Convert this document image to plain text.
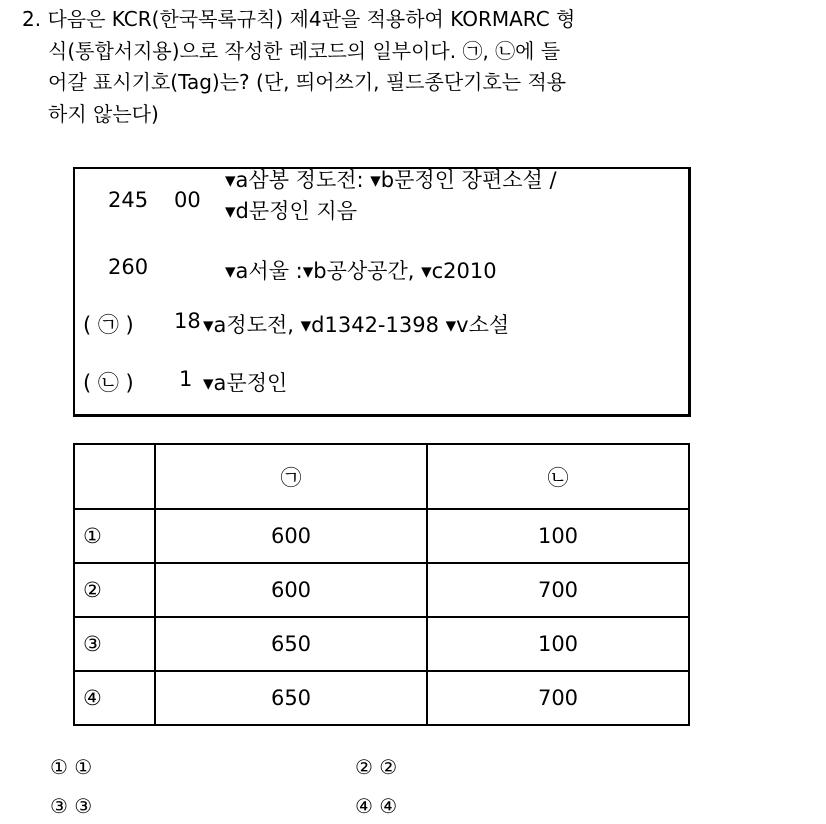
2. 다음은 KCR(한국목록규칙) 제4판을 적용하여 KORMARC 형
식(통합서지용)으로 작성한 레코드의 일부이다. ㉠, ㉡에 들
어갈 표시기호(Tag)는? (단, 띄어쓰기, 필드종단기호는 적용
하지 않는다)
245 00
▾a삼봉 정도전: ▾b문정인 장편소설 /
▾d문정인 지음
260	▾a서울 :▾b공상공간, ▾c2010
( ㉠ ) 18 ▾a정도전, ▾d1342-1398 ▾v소설
( ㉡ ) 1 ▾a문정인
	㉠	㉡
①	600	100
②	600	700
③	650	100
④	650	700
① ①	② ②
③ ③	④ ④
